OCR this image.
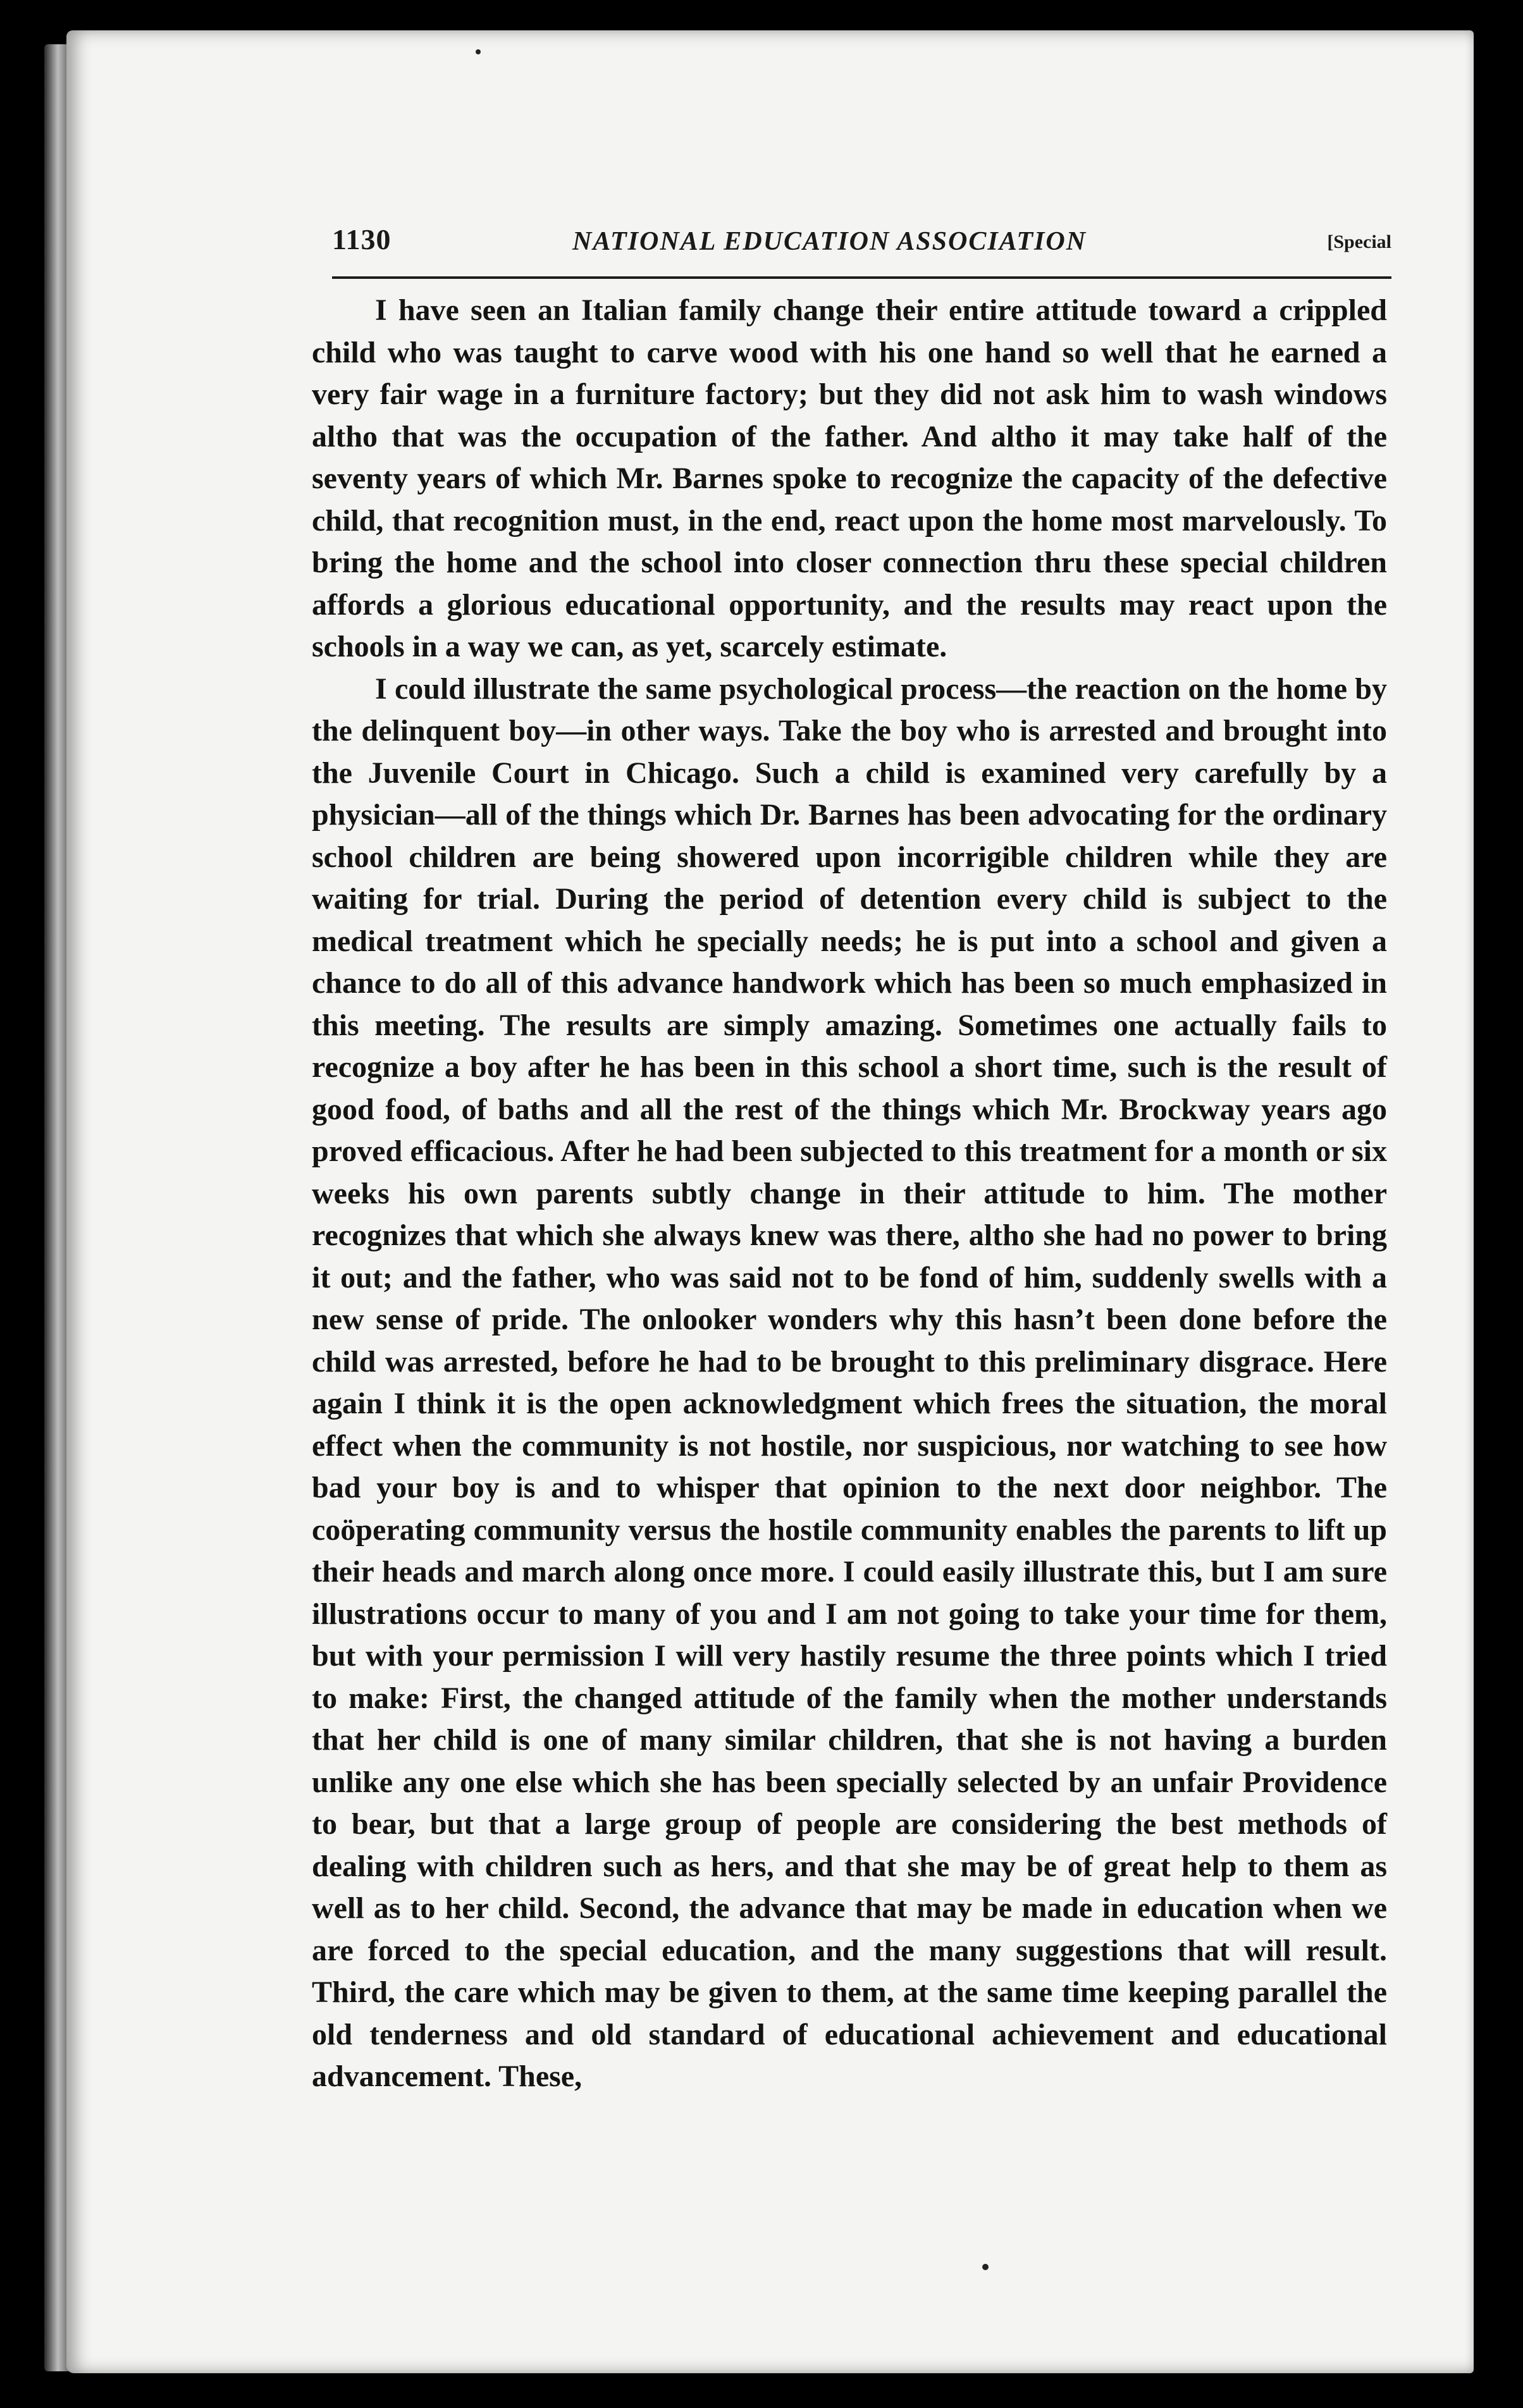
1130	NATIONAL EDUCATION ASSOCIATION	[Special

I have seen an Italian family change their entire attitude toward a crippled child who was taught to carve wood with his one hand so well that he earned a very fair wage in a furniture factory; but they did not ask him to wash windows altho that was the occupation of the father. And altho it may take half of the seventy years of which Mr. Barnes spoke to recognize the capacity of the defective child, that recognition must, in the end, react upon the home most marvelously. To bring the home and the school into closer connection thru these special children affords a glorious educational opportunity, and the results may react upon the schools in a way we can, as yet, scarcely estimate.

I could illustrate the same psychological process—the reaction on the home by the delinquent boy—in other ways. Take the boy who is arrested and brought into the Juvenile Court in Chicago. Such a child is examined very carefully by a physician—all of the things which Dr. Barnes has been advocating for the ordinary school children are being showered upon incorrigible children while they are waiting for trial. During the period of detention every child is subject to the medical treatment which he specially needs; he is put into a school and given a chance to do all of this advance handwork which has been so much emphasized in this meeting. The results are simply amazing. Sometimes one actually fails to recognize a boy after he has been in this school a short time, such is the result of good food, of baths and all the rest of the things which Mr. Brockway years ago proved efficacious. After he had been subjected to this treatment for a month or six weeks his own parents subtly change in their attitude to him. The mother recognizes that which she always knew was there, altho she had no power to bring it out; and the father, who was said not to be fond of him, suddenly swells with a new sense of pride. The onlooker wonders why this hasn’t been done before the child was arrested, before he had to be brought to this preliminary disgrace. Here again I think it is the open acknowledgment which frees the situation, the moral effect when the community is not hostile, nor suspicious, nor watching to see how bad your boy is and to whisper that opinion to the next door neighbor. The coöperating community versus the hostile community enables the parents to lift up their heads and march along once more. I could easily illustrate this, but I am sure illustrations occur to many of you and I am not going to take your time for them, but with your permission I will very hastily resume the three points which I tried to make: First, the changed attitude of the family when the mother understands that her child is one of many similar children, that she is not having a burden unlike any one else which she has been specially selected by an unfair Providence to bear, but that a large group of people are considering the best methods of dealing with children such as hers, and that she may be of great help to them as well as to her child. Second, the advance that may be made in education when we are forced to the special education, and the many suggestions that will result. Third, the care which may be given to them, at the same time keeping parallel the old tenderness and old standard of educational achievement and educational advancement. These,
